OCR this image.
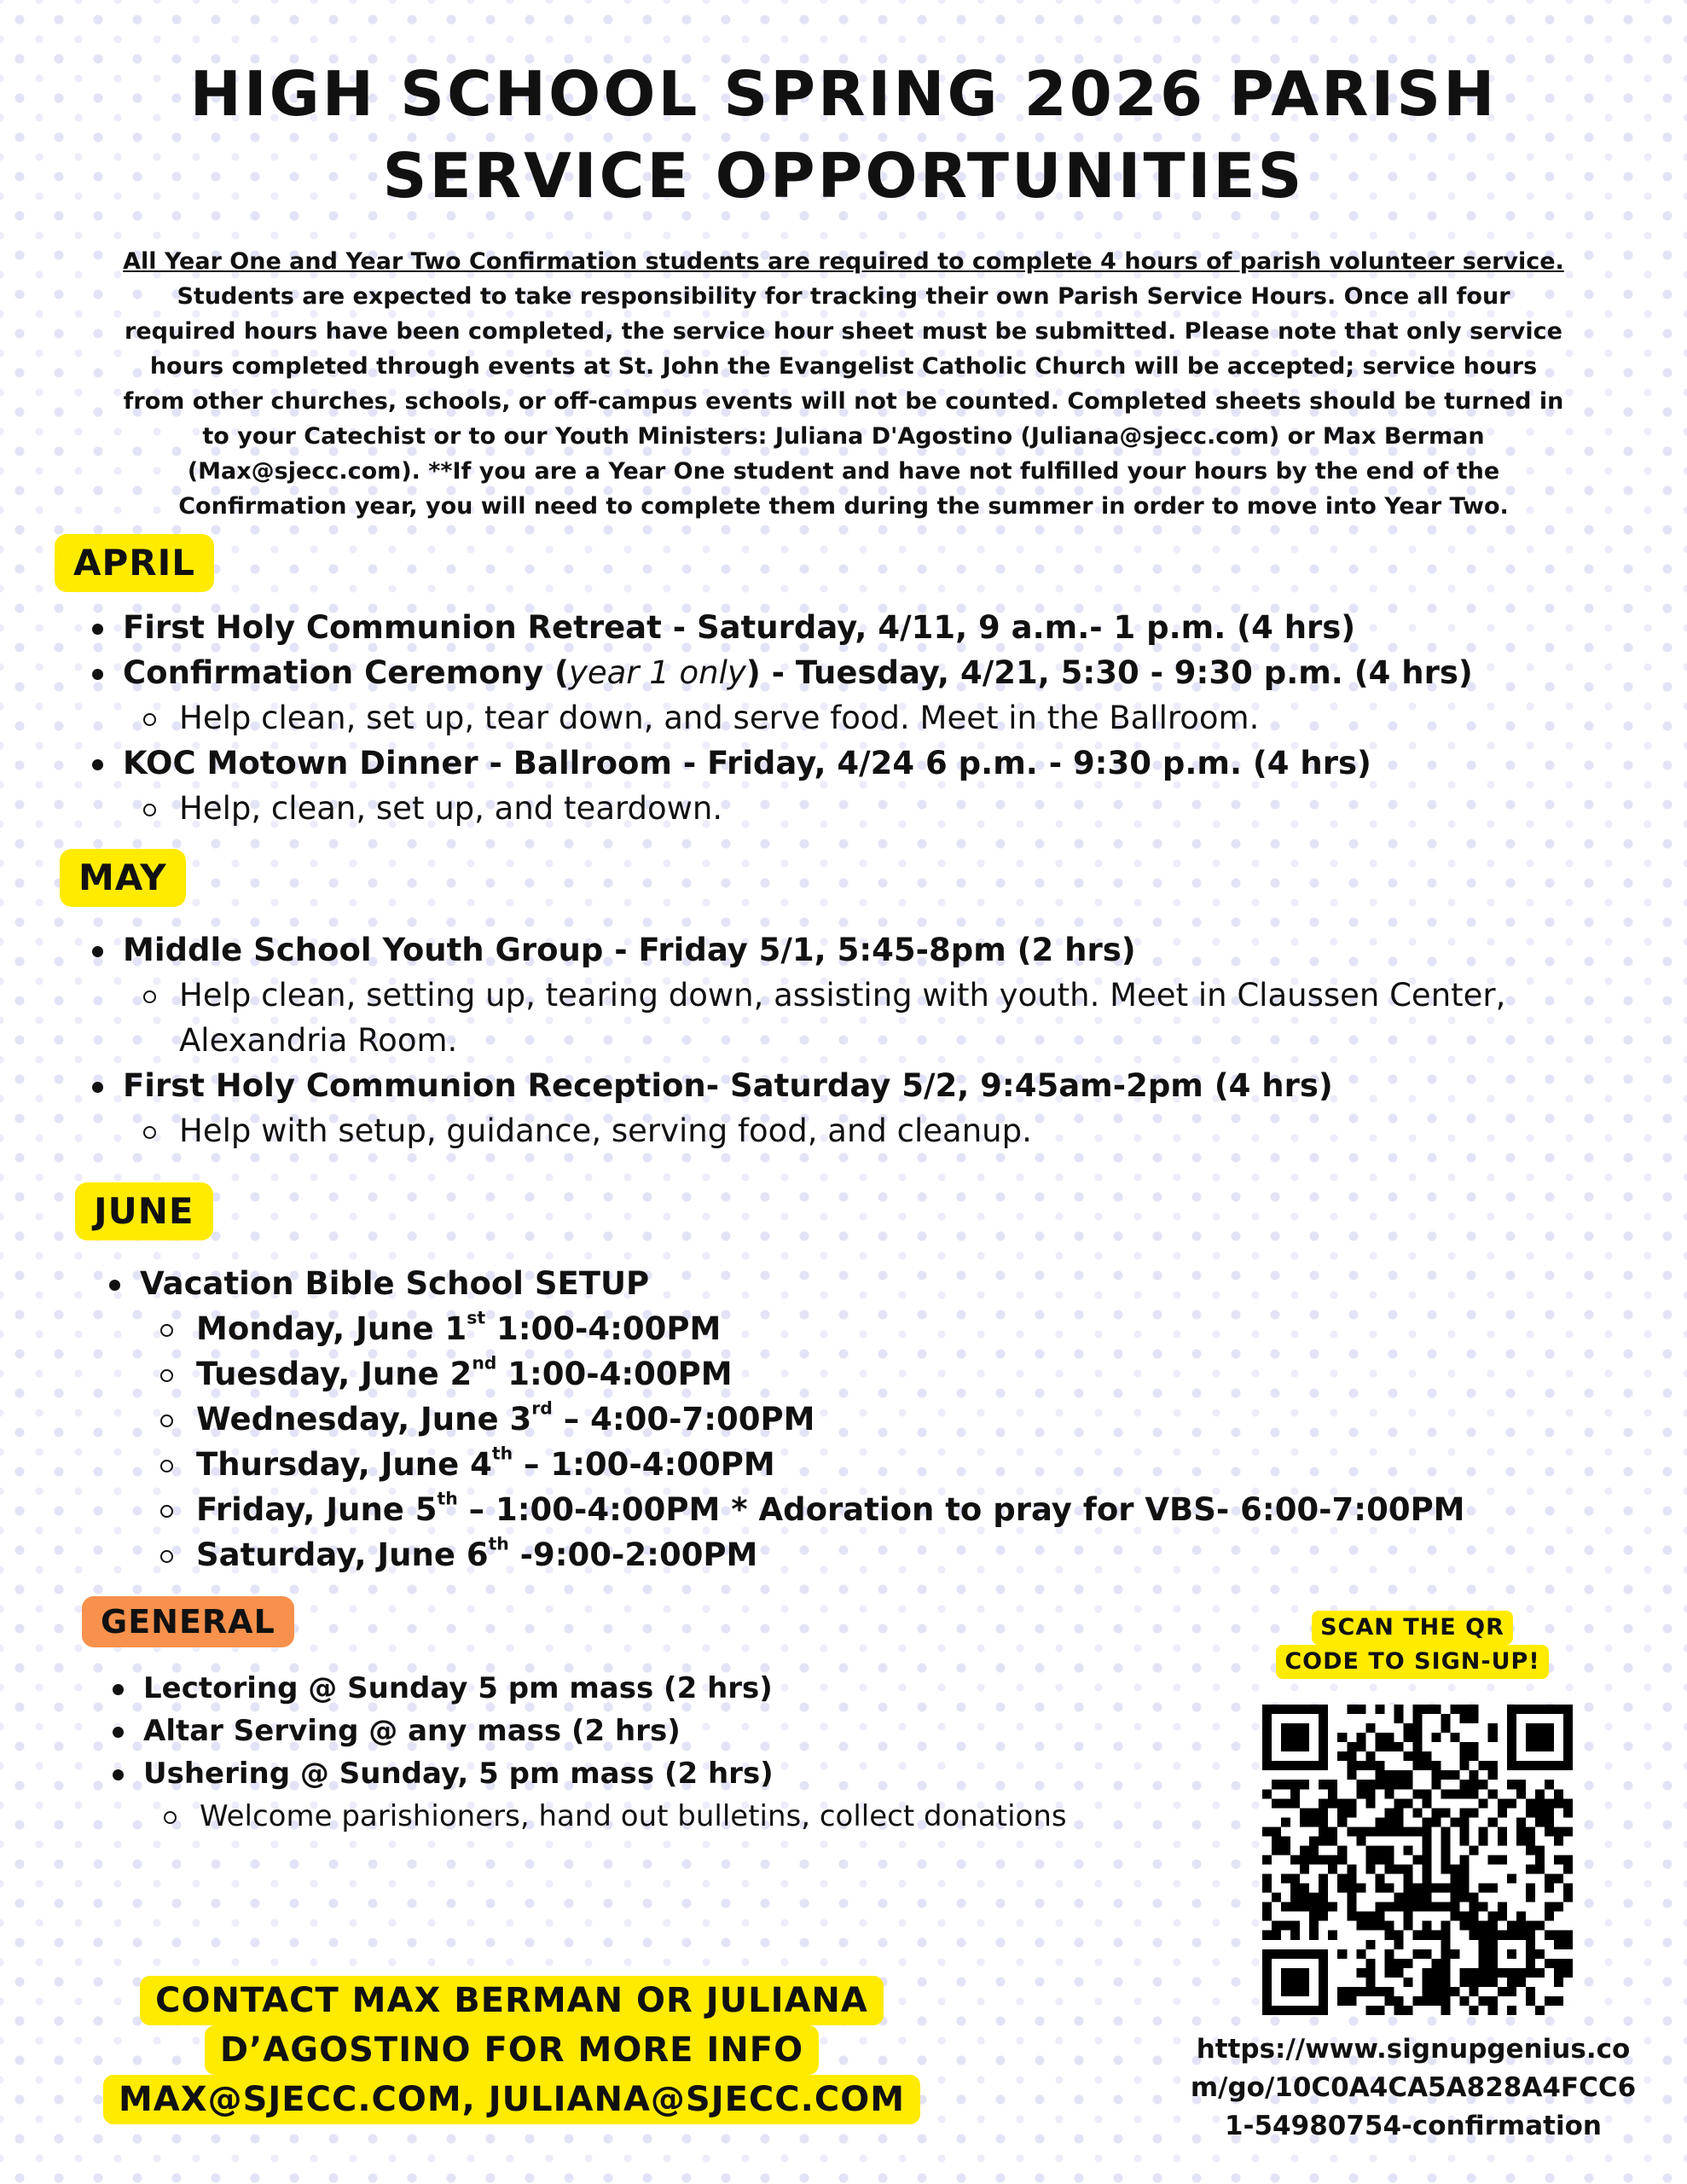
HIGH SCHOOL SPRING 2026 PARISH
SERVICE OPPORTUNITIES
All Year One and Year Two Confirmation students are required to complete 4 hours of parish volunteer service. Students are expected to take responsibility for tracking their own Parish Service Hours. Once all four required hours have been completed, the service hour sheet must be submitted. Please note that only service hours completed through events at St. John the Evangelist Catholic Church will be accepted; service hours from other churches, schools, or off-campus events will not be counted. Completed sheets should be turned in to your Catechist or to our Youth Ministers: Juliana D'Agostino (Juliana@sjecc.com) or Max Berman (Max@sjecc.com). **If you are a Year One student and have not fulfilled your hours by the end of the Confirmation year, you will need to complete them during the summer in order to move into Year Two.
APRIL
First Holy Communion Retreat - Saturday, 4/11, 9 a.m.- 1 p.m. (4 hrs)
Confirmation Ceremony (year 1 only) - Tuesday, 4/21, 5:30 - 9:30 p.m. (4 hrs)
Help clean, set up, tear down, and serve food. Meet in the Ballroom.
KOC Motown Dinner - Ballroom - Friday, 4/24 6 p.m. - 9:30 p.m. (4 hrs)
Help, clean, set up, and teardown.
MAY
Middle School Youth Group - Friday 5/1, 5:45-8pm (2 hrs)
Help clean, setting up, tearing down, assisting with youth. Meet in Claussen Center, Alexandria Room.
First Holy Communion Reception- Saturday 5/2, 9:45am-2pm (4 hrs)
Help with setup, guidance, serving food, and cleanup.
JUNE
Vacation Bible School SETUP
Monday, June 1st 1:00-4:00PM
Tuesday, June 2nd 1:00-4:00PM
Wednesday, June 3rd – 4:00-7:00PM
Thursday, June 4th – 1:00-4:00PM
Friday, June 5th – 1:00-4:00PM * Adoration to pray for VBS- 6:00-7:00PM
Saturday, June 6th -9:00-2:00PM
GENERAL
Lectoring @ Sunday 5 pm mass (2 hrs)
Altar Serving @ any mass (2 hrs)
Ushering @ Sunday, 5 pm mass (2 hrs)
Welcome parishioners, hand out bulletins, collect donations
CONTACT MAX BERMAN OR JULIANA
D’AGOSTINO FOR MORE INFO
MAX@SJECC.COM, JULIANA@SJECC.COM
SCAN THE QR
CODE TO SIGN-UP!
https://www.signupgenius.com/go/10C0A4CA5A828A4FCC61-54980754-confirmation
